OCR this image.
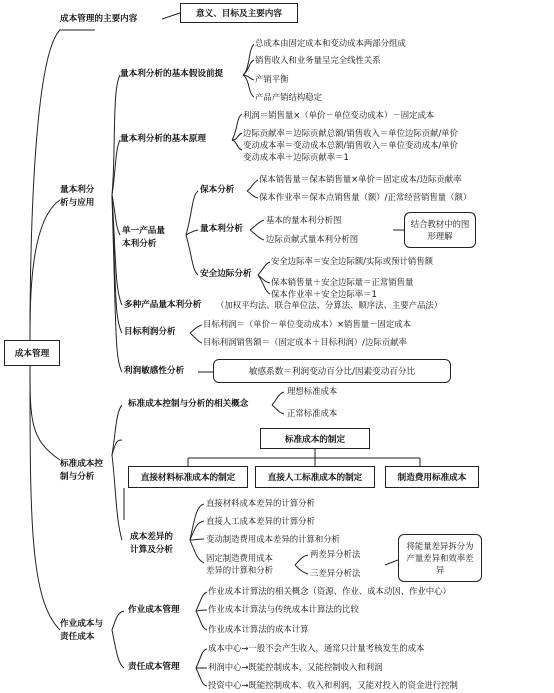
成本管理
成本管理的主要内容	意义、目标及主要内容
量本利分
析与应用
量本利分析的基本假设前提
总成本由固定成本和变动成本两部分组成
销售收入和业务量呈完全线性关系
产销平衡
产品产销结构稳定
量本利分析的基本原理
利润＝销售量×（单价－单位变动成本）－固定成本
边际贡献率＝边际贡献总额/销售收入＝单位边际贡献/单价
变动成本率＝变动成本总额/销售收入＝单位变动成本/单价
变动成本率＋边际贡献率＝1
单一产品量
本利分析
保本分析
保本销售量＝保本销售量×单价＝固定成本/边际贡献率
保本作业率＝保本点销售量（额）/正常经营销售量（额）
量本利分析
基本的量本利分析图
边际贡献式量本利分析图
结合教材中的图形理解
安全边际分析
安全边际率＝安全边际额/实际或预计销售额
保本销售量＋安全边际量＝正常销售量
保本作业率＋安全边际率＝1
多种产品量本利分析 （加权平均法、联合单位法、分算法、顺序法、主要产品法）
目标利润分析
目标利润＝（单价－单位变动成本）×销售量－固定成本
目标利润销售额＝（固定成本＋目标利润）/边际贡献率
利润敏感性分析	敏感系数＝利润变动百分比/因素变动百分比
标准成本控
制与分析
标准成本控制与分析的相关概念
理想标准成本
正常标准成本
标准成本的制定
直接材料标准成本的制定	直接人工标准成本的制定	制造费用标准成本
成本差异的
计算及分析
直接材料成本差异的计算分析
直接人工成本差异的计算分析
变动制造费用成本差异的计算和分析
固定制造费用成本
差异的计算和分析
两差异分析法
三差异分析法
将能量差异拆分为产量差异和效率差异
作业成本与
责任成本
作业成本管理
作业成本计算法的相关概念（资源、作业、成本动因、作业中心）
作业成本计算法与传统成本计算法的比较
作业成本计算法的成本计算
责任成本管理
成本中心→一般不会产生收入，通常只计量考核发生的成本
利润中心→既能控制成本，又能控制收入和利润
投资中心→既能控制成本、收入和利润，又能对投入的资金进行控制
